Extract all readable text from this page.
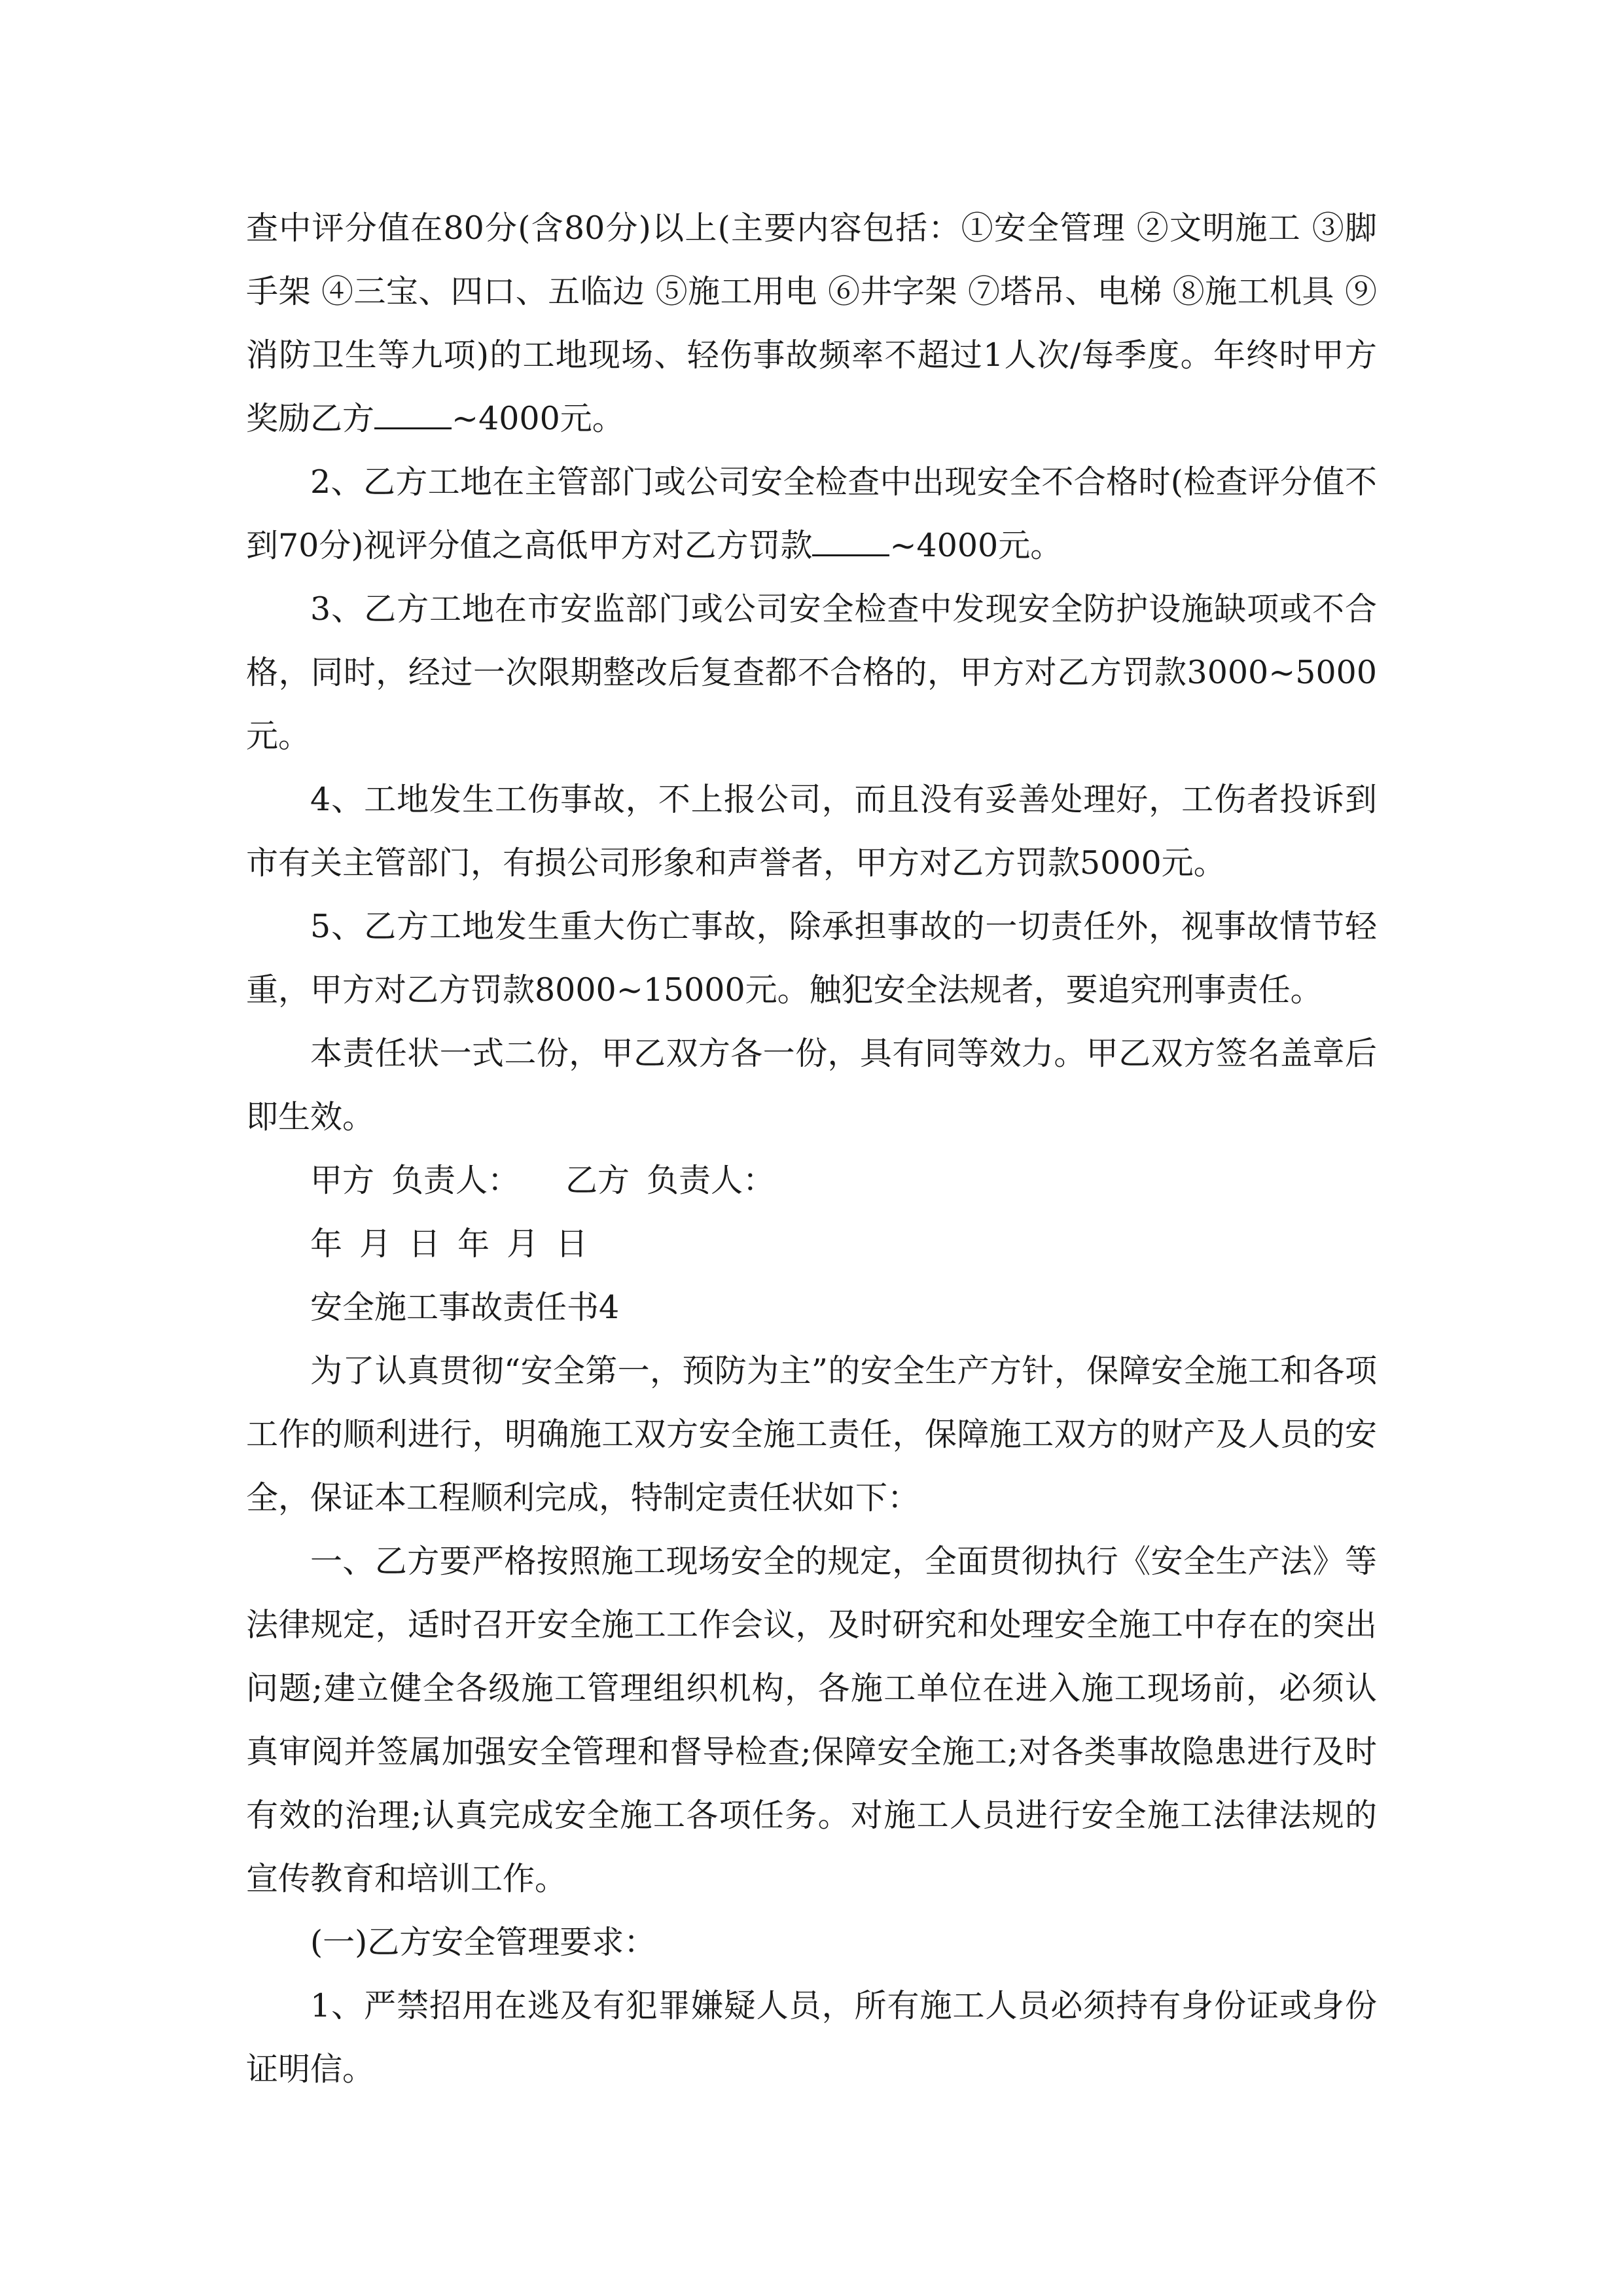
查中评分值在80分(含80分)以上(主要内容包括：①安全管理 ②文明施工 ③脚手架 ④三宝、四口、五临边 ⑤施工用电 ⑥井字架 ⑦塔吊、电梯 ⑧施工机具 ⑨消防卫生等九项)的工地现场、轻伤事故频率不超过1人次/每季度。年终时甲方奖励乙方 ~4000元。

2、乙方工地在主管部门或公司安全检查中出现安全不合格时(检查评分值不到70分)视评分值之高低甲方对乙方罚款 ~4000元。

3、乙方工地在市安监部门或公司安全检查中发现安全防护设施缺项或不合格，同时，经过一次限期整改后复查都不合格的，甲方对乙方罚款3000~5000元。

4、工地发生工伤事故，不上报公司，而且没有妥善处理好，工伤者投诉到市有关主管部门，有损公司形象和声誉者，甲方对乙方罚款5000元。

5、乙方工地发生重大伤亡事故，除承担事故的一切责任外，视事故情节轻重，甲方对乙方罚款8000~15000元。触犯安全法规者，要追究刑事责任。

本责任状一式二份，甲乙双方各一份，具有同等效力。甲乙双方签名盖章后即生效。

甲方 负责人： 乙方 负责人：

年 月 日 年 月 日

安全施工事故责任书4

为了认真贯彻“安全第一，预防为主”的安全生产方针，保障安全施工和各项工作的顺利进行，明确施工双方安全施工责任，保障施工双方的财产及人员的安全，保证本工程顺利完成，特制定责任状如下：

一、乙方要严格按照施工现场安全的规定，全面贯彻执行《安全生产法》等法律规定，适时召开安全施工工作会议，及时研究和处理安全施工中存在的突出问题;建立健全各级施工管理组织机构，各施工单位在进入施工现场前，必须认真审阅并签属加强安全管理和督导检查;保障安全施工;对各类事故隐患进行及时有效的治理;认真完成安全施工各项任务。对施工人员进行安全施工法律法规的宣传教育和培训工作。

(一)乙方安全管理要求：

1、严禁招用在逃及有犯罪嫌疑人员，所有施工人员必须持有身份证或身份证明信。
